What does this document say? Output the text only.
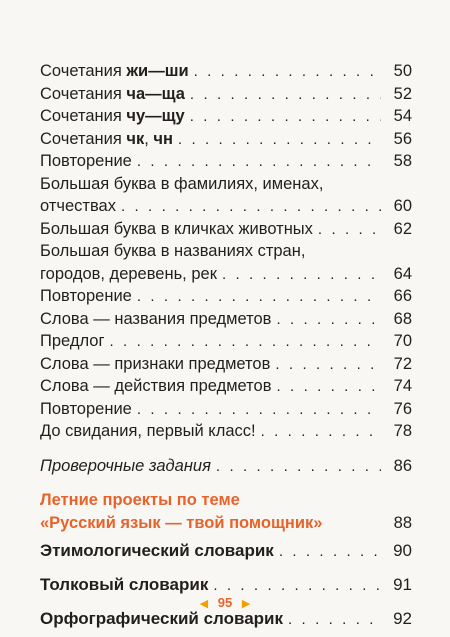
Сочетания жи—ши . . .	50
Сочетания ча—ща . . .	52
Сочетания чу—щу . . .	54
Сочетания чк, чн . . .	56
Повторение . . .	58
Большая буква в фамилиях, именах,
отчествах . . .	60
Большая буква в кличках животных . . .	62
Большая буква в названиях стран,
городов, деревень, рек . . .	64
Повторение . . .	66
Слова — названия предметов . . .	68
Предлог . . .	70
Слова — признаки предметов . . .	72
Слова — действия предметов . . .	74
Повторение . . .	76
До свидания, первый класс! . . .	78
Проверочные задания . . .	86
Летние проекты по теме
«Русский язык — твой помощник»	88
Этимологический словарик . . .	90
Толковый словарик . . .	91
Орфографический словарик . . .	92
◀ 95 ▶
